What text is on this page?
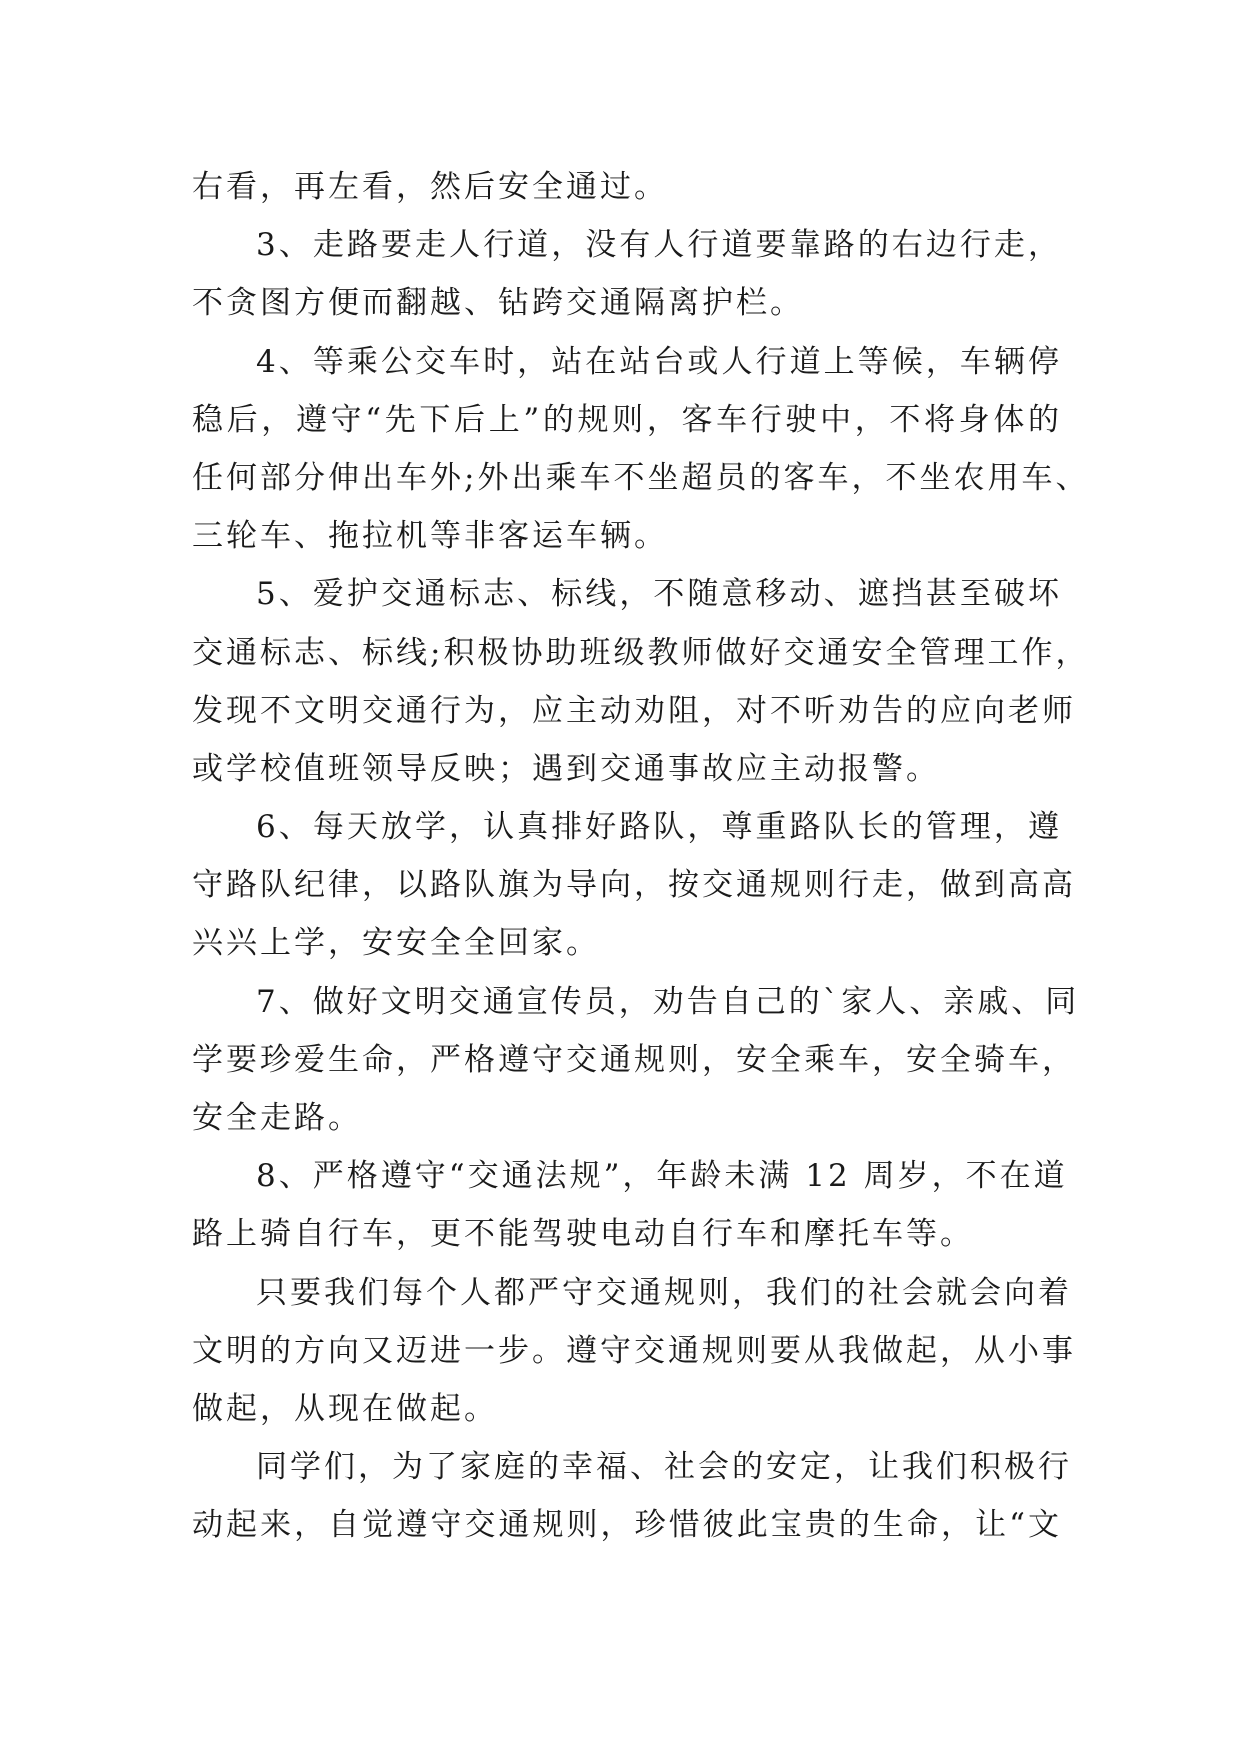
右看，再左看，然后安全通过。
3、走路要走人行道，没有人行道要靠路的右边行走，
不贪图方便而翻越、钻跨交通隔离护栏。
4、等乘公交车时，站在站台或人行道上等候，车辆停
稳后，遵守“先下后上”的规则，客车行驶中，不将身体的
任何部分伸出车外;外出乘车不坐超员的客车，不坐农用车、
三轮车、拖拉机等非客运车辆。
5、爱护交通标志、标线，不随意移动、遮挡甚至破坏
交通标志、标线;积极协助班级教师做好交通安全管理工作，
发现不文明交通行为，应主动劝阻，对不听劝告的应向老师
或学校值班领导反映；遇到交通事故应主动报警。
6、每天放学，认真排好路队，尊重路队长的管理，遵
守路队纪律，以路队旗为导向，按交通规则行走，做到高高
兴兴上学，安安全全回家。
7、做好文明交通宣传员，劝告自己的`家人、亲戚、同
学要珍爱生命，严格遵守交通规则，安全乘车，安全骑车，
安全走路。
8、严格遵守“交通法规”，年龄未满 12 周岁，不在道
路上骑自行车，更不能驾驶电动自行车和摩托车等。
只要我们每个人都严守交通规则，我们的社会就会向着
文明的方向又迈进一步。遵守交通规则要从我做起，从小事
做起，从现在做起。
同学们，为了家庭的幸福、社会的安定，让我们积极行
动起来，自觉遵守交通规则，珍惜彼此宝贵的生命，让“文
